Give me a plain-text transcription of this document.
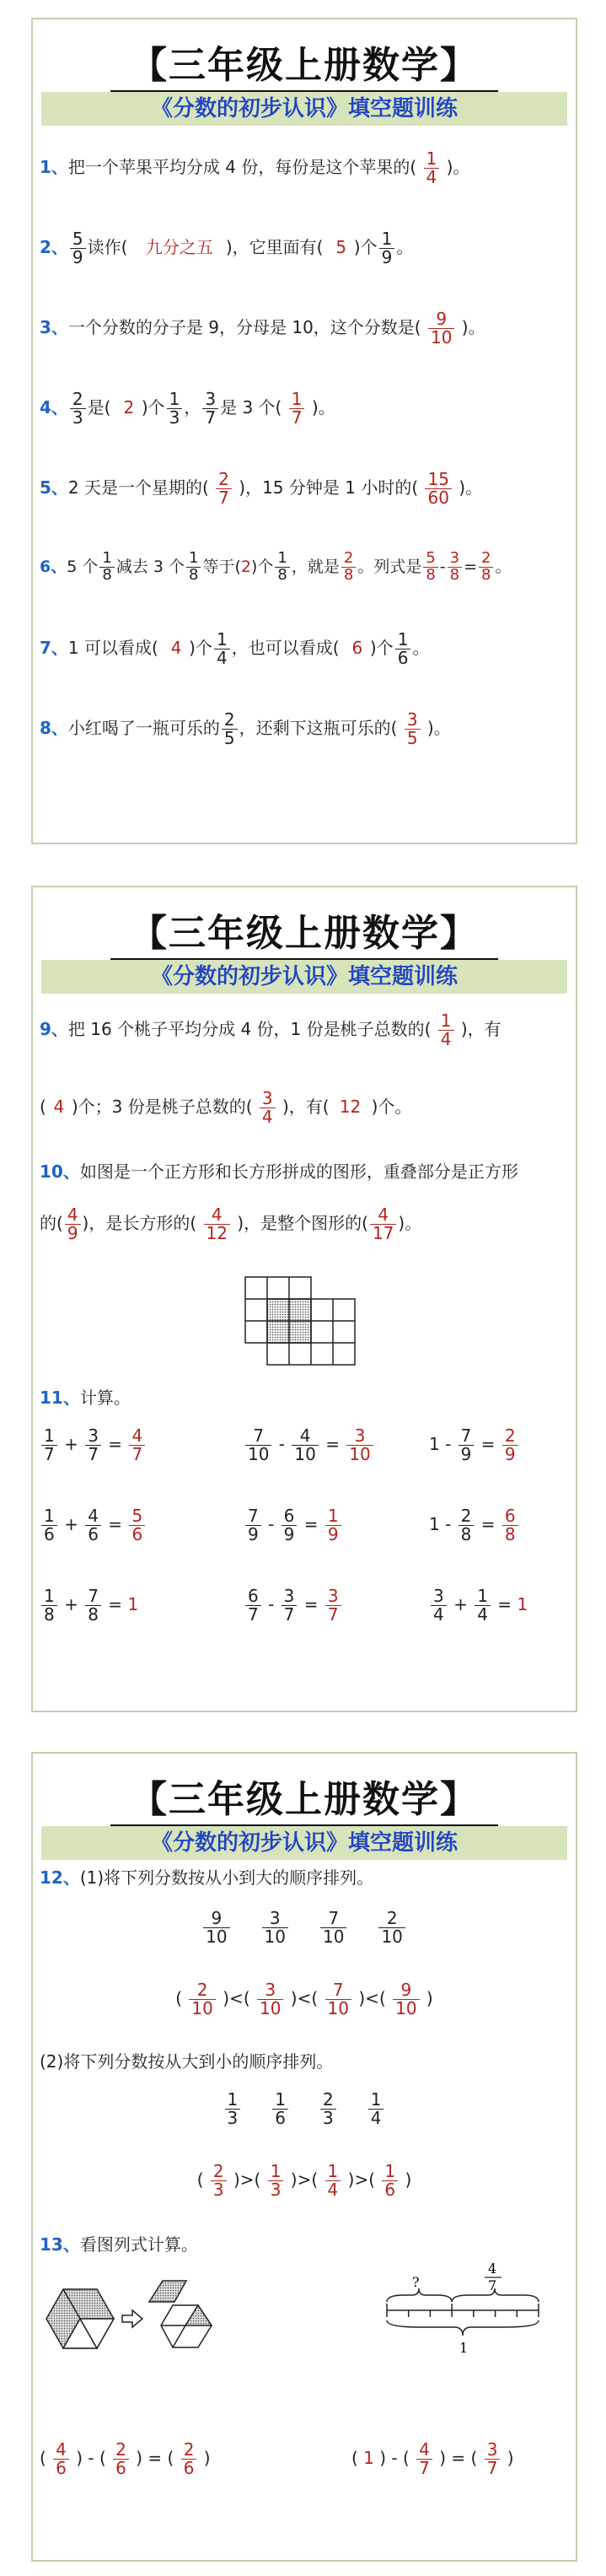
【三年级上册数学】
《分数的初步认识》填空题训练
1、把一个苹果平均分成 4 份，每份是这个苹果的( $\frac{1}{4}$ )。
2、 $\frac{5}{9}$ 读作( 九分之五 )，它里面有( 5 )个 $\frac{1}{9}$ 。
3、一个分数的分子是 9，分母是 10，这个分数是( $\frac{9}{10}$ )。
4、 $\frac{2}{3}$ 是( 2 )个 $\frac{1}{3}$ ， $\frac{3}{7}$ 是 3 个( $\frac{1}{7}$ )。
5、2 天是一个星期的( $\frac{2}{7}$ )，15 分钟是 1 小时的( $\frac{15}{60}$ )。
6、5 个 $\frac{1}{8}$ 减去 3 个 $\frac{1}{8}$ 等于(2)个 $\frac{1}{8}$ ，就是 $\frac{2}{8}$ 。列式是 $\frac{5}{8} - \frac{3}{8} = \frac{2}{8}$ 。
7、1 可以看成( 4 )个 $\frac{1}{4}$ ，也可以看成( 6 )个 $\frac{1}{6}$ 。
8、小红喝了一瓶可乐的 $\frac{2}{5}$ ，还剩下这瓶可乐的( $\frac{3}{5}$ )。
【三年级上册数学】
《分数的初步认识》填空题训练
9、把 16 个桃子平均分成 4 份，1 份是桃子总数的( $\frac{1}{4}$ )，有
( 4 )个；3 份是桃子总数的( $\frac{3}{4}$ )，有( 12 )个。
10、如图是一个正方形和长方形拼成的图形，重叠部分是正方形
的( $\frac{4}{9}$ )，是长方形的( $\frac{4}{12}$ )，是整个图形的( $\frac{4}{17}$ )。
11、计算。
$\frac{1}{7} + \frac{3}{7} = \frac{4}{7}$	$\frac{7}{10} - \frac{4}{10} = \frac{3}{10}$	$1 - \frac{7}{9} = \frac{2}{9}$
$\frac{1}{6} + \frac{4}{6} = \frac{5}{6}$	$\frac{7}{9} - \frac{6}{9} = \frac{1}{9}$	$1 - \frac{2}{8} = \frac{6}{8}$
$\frac{1}{8} + \frac{7}{8} = 1$	$\frac{6}{7} - \frac{3}{7} = \frac{3}{7}$	$\frac{3}{4} + \frac{1}{4} = 1$
【三年级上册数学】
《分数的初步认识》填空题训练
12、(1)将下列分数按从小到大的顺序排列。
$\frac{9}{10} \frac{3}{10} \frac{7}{10} \frac{2}{10}$
( $\frac{2}{10}$ )<( $\frac{3}{10}$ )<( $\frac{7}{10}$ )<( $\frac{9}{10}$ )
(2)将下列分数按从大到小的顺序排列。
$\frac{1}{3} \frac{1}{6} \frac{2}{3} \frac{1}{4}$
( $\frac{2}{3}$ )>( $\frac{1}{3}$ )>( $\frac{1}{4}$ )>( $\frac{1}{6}$ )
13、看图列式计算。
?
4
7
1
( $\frac{4}{6}$ ) - ( $\frac{2}{6}$ ) = ( $\frac{2}{6}$ )	( 1 ) - ( $\frac{4}{7}$ ) = ( $\frac{3}{7}$ )
